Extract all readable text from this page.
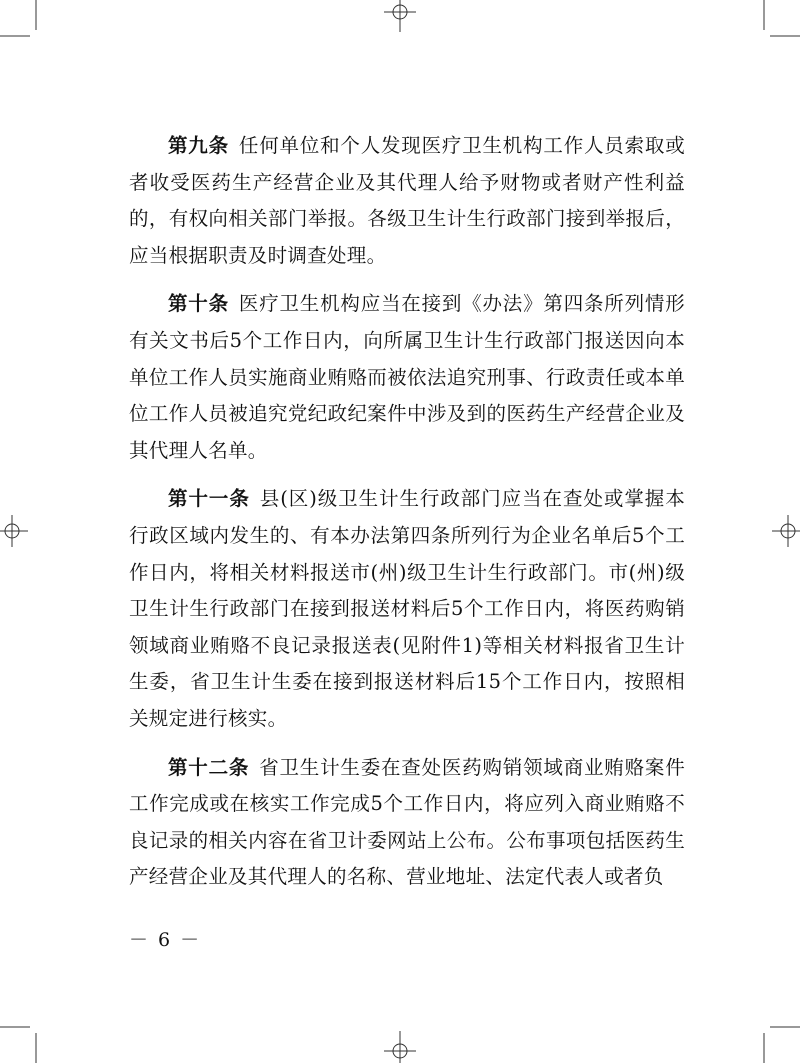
第九条 任何单位和个人发现医疗卫生机构工作人员索取或者收受医药生产经营企业及其代理人给予财物或者财产性利益的，有权向相关部门举报。各级卫生计生行政部门接到举报后，应当根据职责及时调查处理。

第十条 医疗卫生机构应当在接到《办法》第四条所列情形有关文书后5个工作日内，向所属卫生计生行政部门报送因向本单位工作人员实施商业贿赂而被依法追究刑事、行政责任或本单位工作人员被追究党纪政纪案件中涉及到的医药生产经营企业及其代理人名单。

第十一条 县(区)级卫生计生行政部门应当在查处或掌握本行政区域内发生的、有本办法第四条所列行为企业名单后5个工作日内，将相关材料报送市(州)级卫生计生行政部门。市(州)级卫生计生行政部门在接到报送材料后5个工作日内，将医药购销领域商业贿赂不良记录报送表(见附件1)等相关材料报省卫生计生委，省卫生计生委在接到报送材料后15个工作日内，按照相关规定进行核实。

第十二条 省卫生计生委在查处医药购销领域商业贿赂案件工作完成或在核实工作完成5个工作日内，将应列入商业贿赂不良记录的相关内容在省卫计委网站上公布。公布事项包括医药生产经营企业及其代理人的名称、营业地址、法定代表人或者负

－ 6 －
